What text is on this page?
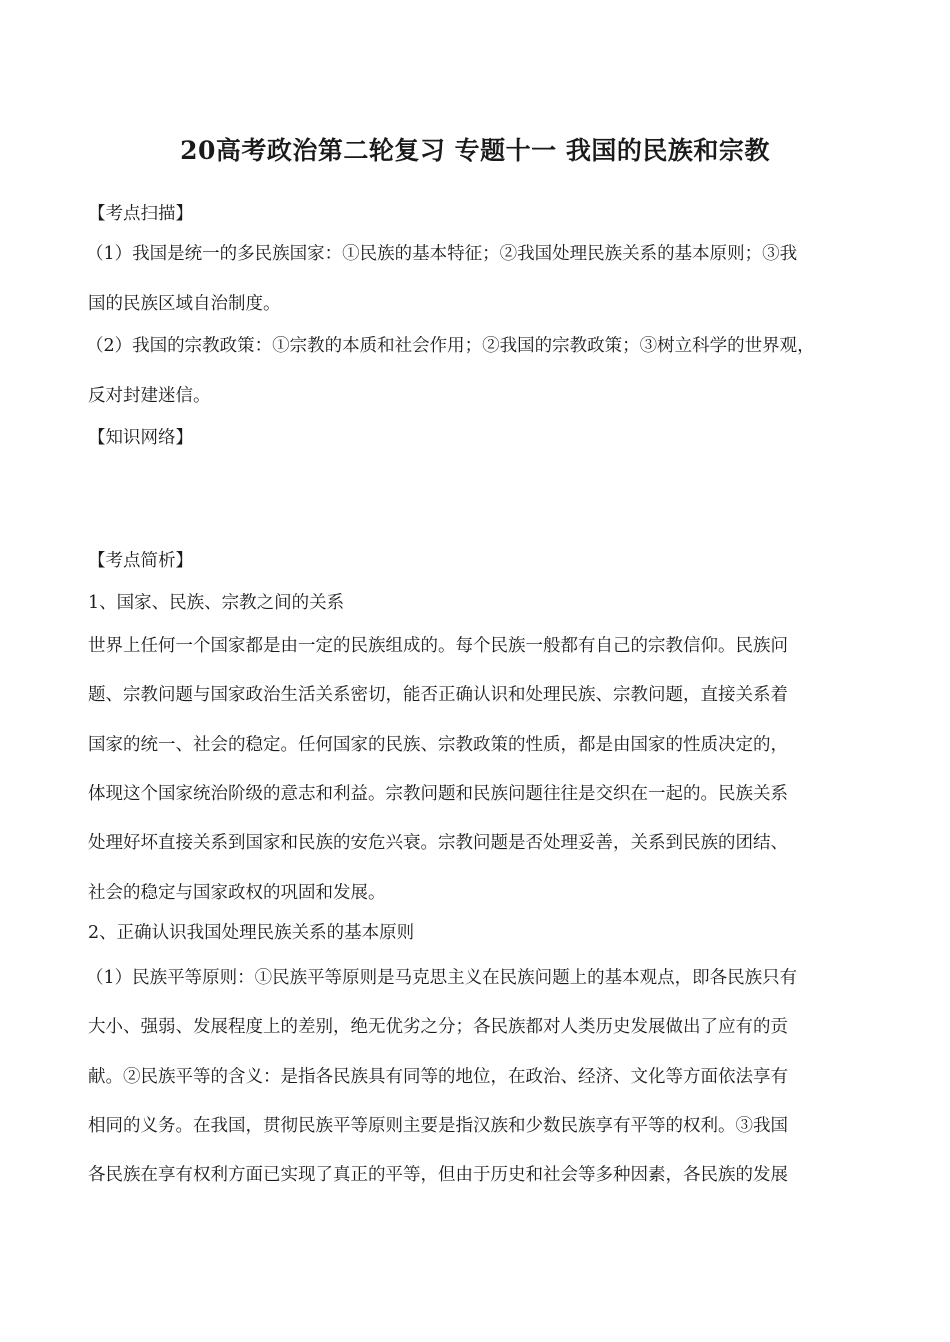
20高考政治第二轮复习 专题十一 我国的民族和宗教
【考点扫描】
（1）我国是统一的多民族国家：①民族的基本特征；②我国处理民族关系的基本原则；③我
国的民族区域自治制度。
（2）我国的宗教政策：①宗教的本质和社会作用；②我国的宗教政策；③树立科学的世界观，
反对封建迷信。
【知识网络】
【考点简析】
1、国家、民族、宗教之间的关系
世界上任何一个国家都是由一定的民族组成的。每个民族一般都有自己的宗教信仰。民族问
题、宗教问题与国家政治生活关系密切，能否正确认识和处理民族、宗教问题，直接关系着
国家的统一、社会的稳定。任何国家的民族、宗教政策的性质，都是由国家的性质决定的，
体现这个国家统治阶级的意志和利益。宗教问题和民族问题往往是交织在一起的。民族关系
处理好坏直接关系到国家和民族的安危兴衰。宗教问题是否处理妥善，关系到民族的团结、
社会的稳定与国家政权的巩固和发展。
2、正确认识我国处理民族关系的基本原则
（1）民族平等原则：①民族平等原则是马克思主义在民族问题上的基本观点，即各民族只有
大小、强弱、发展程度上的差别，绝无优劣之分；各民族都对人类历史发展做出了应有的贡
献。②民族平等的含义：是指各民族具有同等的地位，在政治、经济、文化等方面依法享有
相同的义务。在我国，贯彻民族平等原则主要是指汉族和少数民族享有平等的权利。③我国
各民族在享有权利方面已实现了真正的平等，但由于历史和社会等多种因素，各民族的发展
